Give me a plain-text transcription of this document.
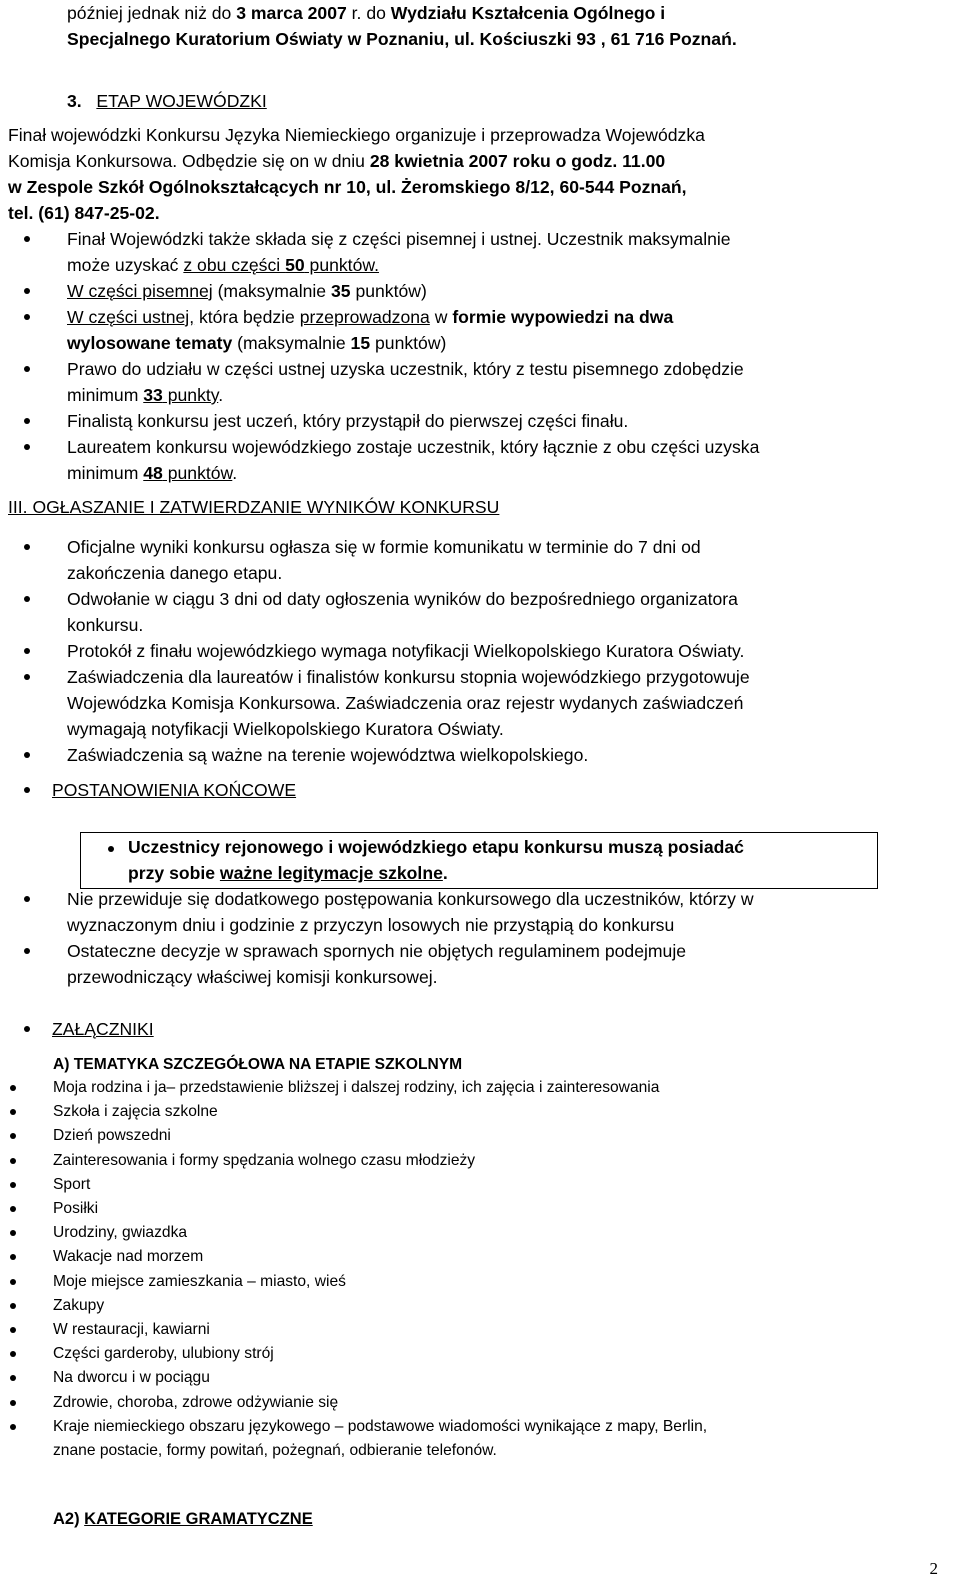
później jednak niż do 3 marca 2007 r. do Wydziału Kształcenia Ogólnego i

Specjalnego Kuratorium Oświaty w Poznaniu, ul. Kościuszki 93 , 61 716 Poznań.

3. ETAP WOJEWÓDZKI

Finał wojewódzki Konkursu Języka Niemieckiego organizuje i przeprowadza Wojewódzka

Komisja Konkursowa. Odbędzie się on w dniu 28 kwietnia 2007 roku o godz. 11.00

w Zespole Szkół Ogólnokształcących nr 10, ul. Żeromskiego 8/12, 60-544 Poznań,

tel. (61) 847-25-02.

Finał Wojewódzki także składa się z części pisemnej i ustnej. Uczestnik maksymalnie
może uzyskać z obu części 50 punktów.
W części pisemnej (maksymalnie 35 punktów)
W części ustnej, która będzie przeprowadzona w formie wypowiedzi na dwa
wylosowane tematy (maksymalnie 15 punktów)
Prawo do udziału w części ustnej uzyska uczestnik, który z testu pisemnego zdobędzie
minimum 33 punkty.
Finalistą konkursu jest uczeń, który przystąpił do pierwszej części finału.
Laureatem konkursu wojewódzkiego zostaje uczestnik, który łącznie z obu części uzyska
minimum 48 punktów.

III. OGŁASZANIE I ZATWIERDZANIE WYNIKÓW KONKURSU

Oficjalne wyniki konkursu ogłasza się w formie komunikatu w terminie do 7 dni od
zakończenia danego etapu.
Odwołanie w ciągu 3 dni od daty ogłoszenia wyników do bezpośredniego organizatora
konkursu.
Protokół z finału wojewódzkiego wymaga notyfikacji Wielkopolskiego Kuratora Oświaty.
Zaświadczenia dla laureatów i finalistów konkursu stopnia wojewódzkiego przygotowuje
Wojewódzka Komisja Konkursowa. Zaświadczenia oraz rejestr wydanych zaświadczeń
wymagają notyfikacji Wielkopolskiego Kuratora Oświaty.
Zaświadczenia są ważne na terenie województwa wielkopolskiego.
POSTANOWIENIA KOŃCOWE
Uczestnicy rejonowego i wojewódzkiego etapu konkursu muszą posiadać
przy sobie ważne legitymacje szkolne.
Nie przewiduje się dodatkowego postępowania konkursowego dla uczestników, którzy w
wyznaczonym dniu i godzinie z przyczyn losowych nie przystąpią do konkursu
Ostateczne decyzje w sprawach spornych nie objętych regulaminem podejmuje
przewodniczący właściwej komisji konkursowej.
ZAŁĄCZNIKI

A) TEMATYKA SZCZEGÓŁOWA NA ETAPIE SZKOLNYM

Moja rodzina i ja– przedstawienie bliższej i dalszej rodziny, ich zajęcia i zainteresowania
Szkoła i zajęcia szkolne
Dzień powszedni
Zainteresowania i formy spędzania wolnego czasu młodzieży
Sport
Posiłki
Urodziny, gwiazdka
Wakacje nad morzem
Moje miejsce zamieszkania – miasto, wieś
Zakupy
W restauracji, kawiarni
Części garderoby, ulubiony strój
Na dworcu i w pociągu
Zdrowie, choroba, zdrowe odżywianie się
Kraje niemieckiego obszaru językowego – podstawowe wiadomości wynikające z mapy, Berlin,
znane postacie, formy powitań, pożegnań, odbieranie telefonów.

A2) KATEGORIE GRAMATYCZNE

2
